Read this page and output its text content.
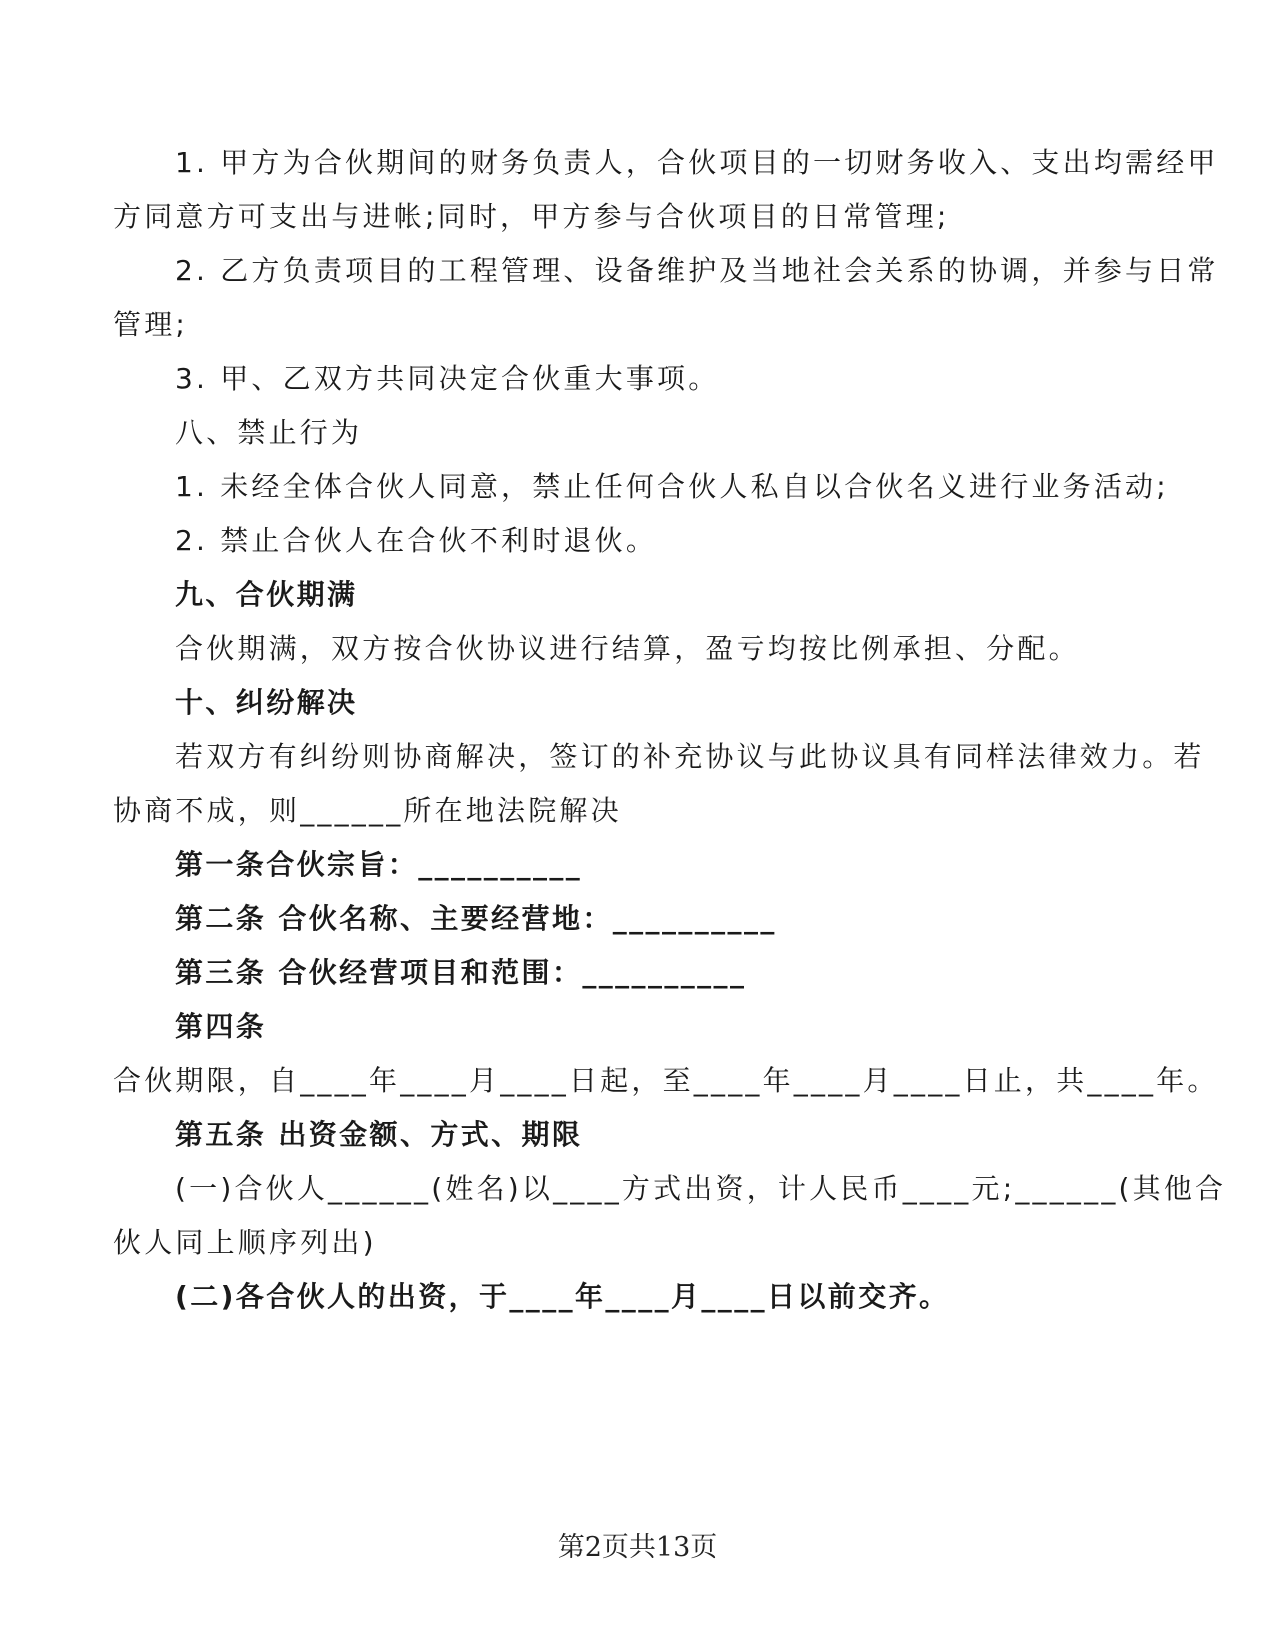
1. 甲方为合伙期间的财务负责人，合伙项目的一切财务收入、支出均需经甲
方同意方可支出与进帐;同时，甲方参与合伙项目的日常管理;
2. 乙方负责项目的工程管理、设备维护及当地社会关系的协调，并参与日常
管理;
3. 甲、乙双方共同决定合伙重大事项。
八、禁止行为
1. 未经全体合伙人同意，禁止任何合伙人私自以合伙名义进行业务活动;
2. 禁止合伙人在合伙不利时退伙。
九、合伙期满
合伙期满，双方按合伙协议进行结算，盈亏均按比例承担、分配。
十、纠纷解决
若双方有纠纷则协商解决，签订的补充协议与此协议具有同样法律效力。若
协商不成，则______所在地法院解决
第一条合伙宗旨：__________
第二条 合伙名称、主要经营地：__________
第三条 合伙经营项目和范围：__________
第四条
合伙期限，自____年____月____日起，至____年____月____日止，共____年。
第五条 出资金额、方式、期限
(一)合伙人______(姓名)以____方式出资，计人民币____元;______(其他合
伙人同上顺序列出)
(二)各合伙人的出资，于____年____月____日以前交齐。
第2页共13页
